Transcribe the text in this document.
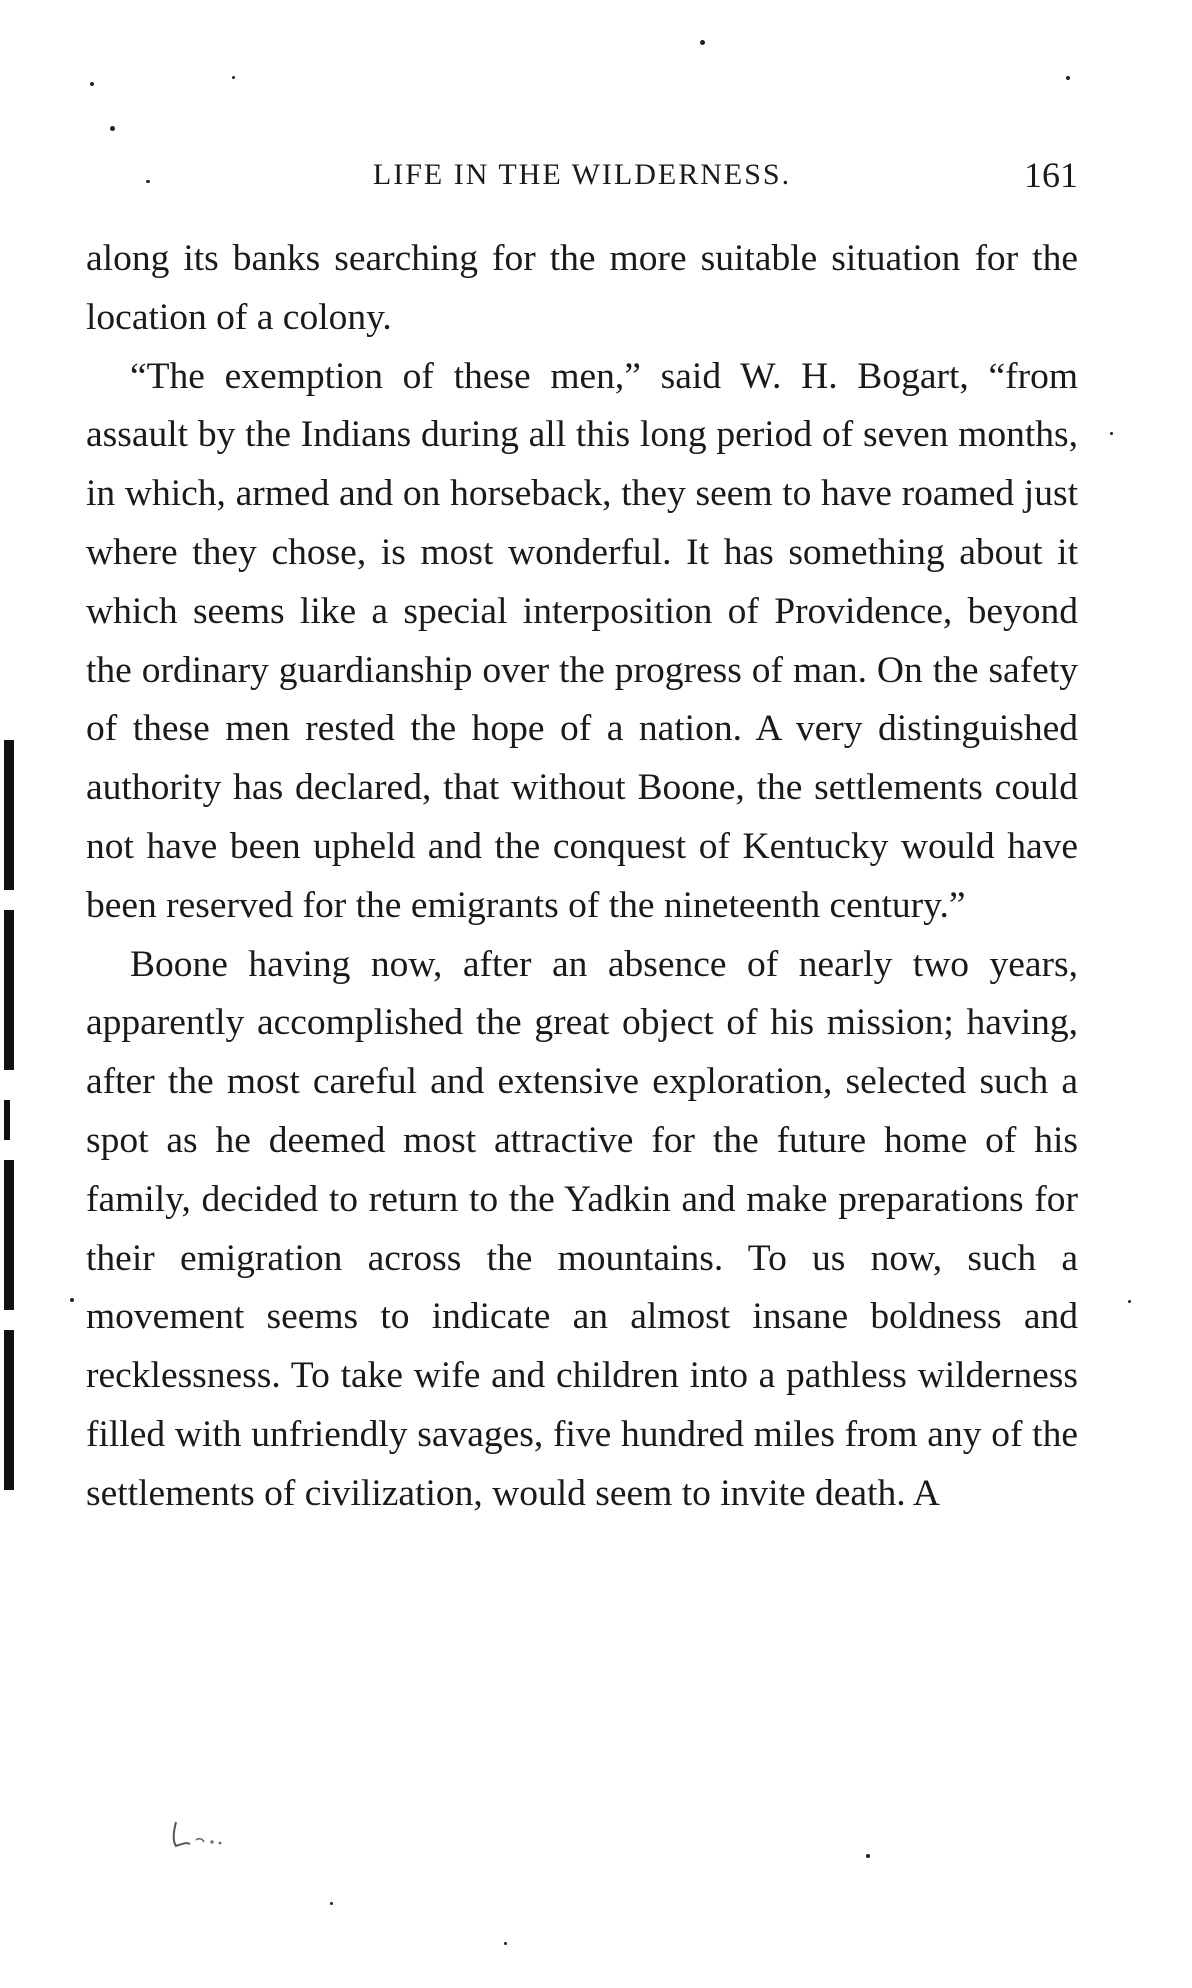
LIFE IN THE WILDERNESS.	161

along its banks searching for the more suitable situation for the location of a colony.

“The exemption of these men,” said W. H. Bogart, “from assault by the Indians during all this long period of seven months, in which, armed and on horseback, they seem to have roamed just where they chose, is most wonderful. It has something about it which seems like a special interposition of Providence, beyond the ordinary guardianship over the progress of man. On the safety of these men rested the hope of a nation. A very distinguished authority has declared, that without Boone, the settlements could not have been upheld and the conquest of Kentucky would have been reserved for the emigrants of the nineteenth century.”

Boone having now, after an absence of nearly two years, apparently accomplished the great object of his mission; having, after the most careful and extensive exploration, selected such a spot as he deemed most attractive for the future home of his family, decided to return to the Yadkin and make preparations for their emigration across the mountains. To us now, such a movement seems to indicate an almost insane boldness and recklessness. To take wife and children into a pathless wilderness filled with unfriendly savages, five hundred miles from any of the settlements of civilization, would seem to invite death. A
